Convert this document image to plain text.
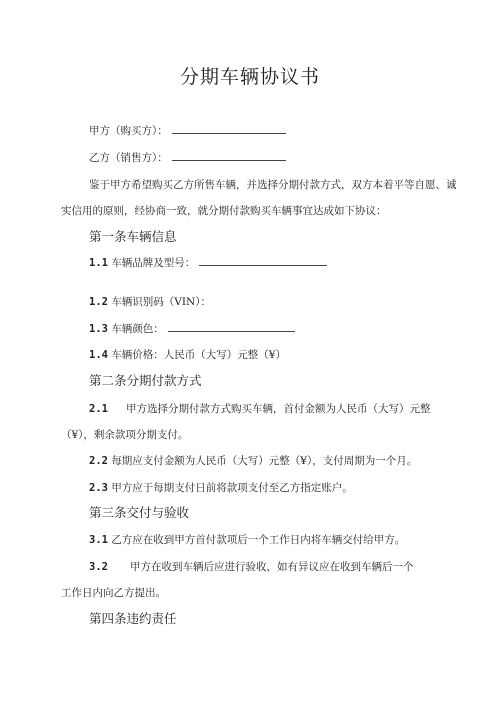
分期车辆协议书
甲方（购买方）：
乙方（销售方）：
鉴于甲方希望购买乙方所售车辆，并选择分期付款方式，双方本着平等自愿、诚
实信用的原则，经协商一致，就分期付款购买车辆事宜达成如下协议：
第一条车辆信息
1.1 车辆品牌及型号：
1.2 车辆识别码（VIN）：
1.3 车辆颜色：
1.4 车辆价格：人民币（大写）元整（¥）
第二条分期付款方式
2.1 甲方选择分期付款方式购买车辆，首付金额为人民币（大写）元整
（¥），剩余款项分期支付。
2.2 每期应支付金额为人民币（大写）元整（¥），支付周期为一个月。
2.3 甲方应于每期支付日前将款项支付至乙方指定账户。
第三条交付与验收
3.1 乙方应在收到甲方首付款项后一个工作日内将车辆交付给甲方。
3.2 甲方在收到车辆后应进行验收，如有异议应在收到车辆后一个
工作日内向乙方提出。
第四条违约责任
